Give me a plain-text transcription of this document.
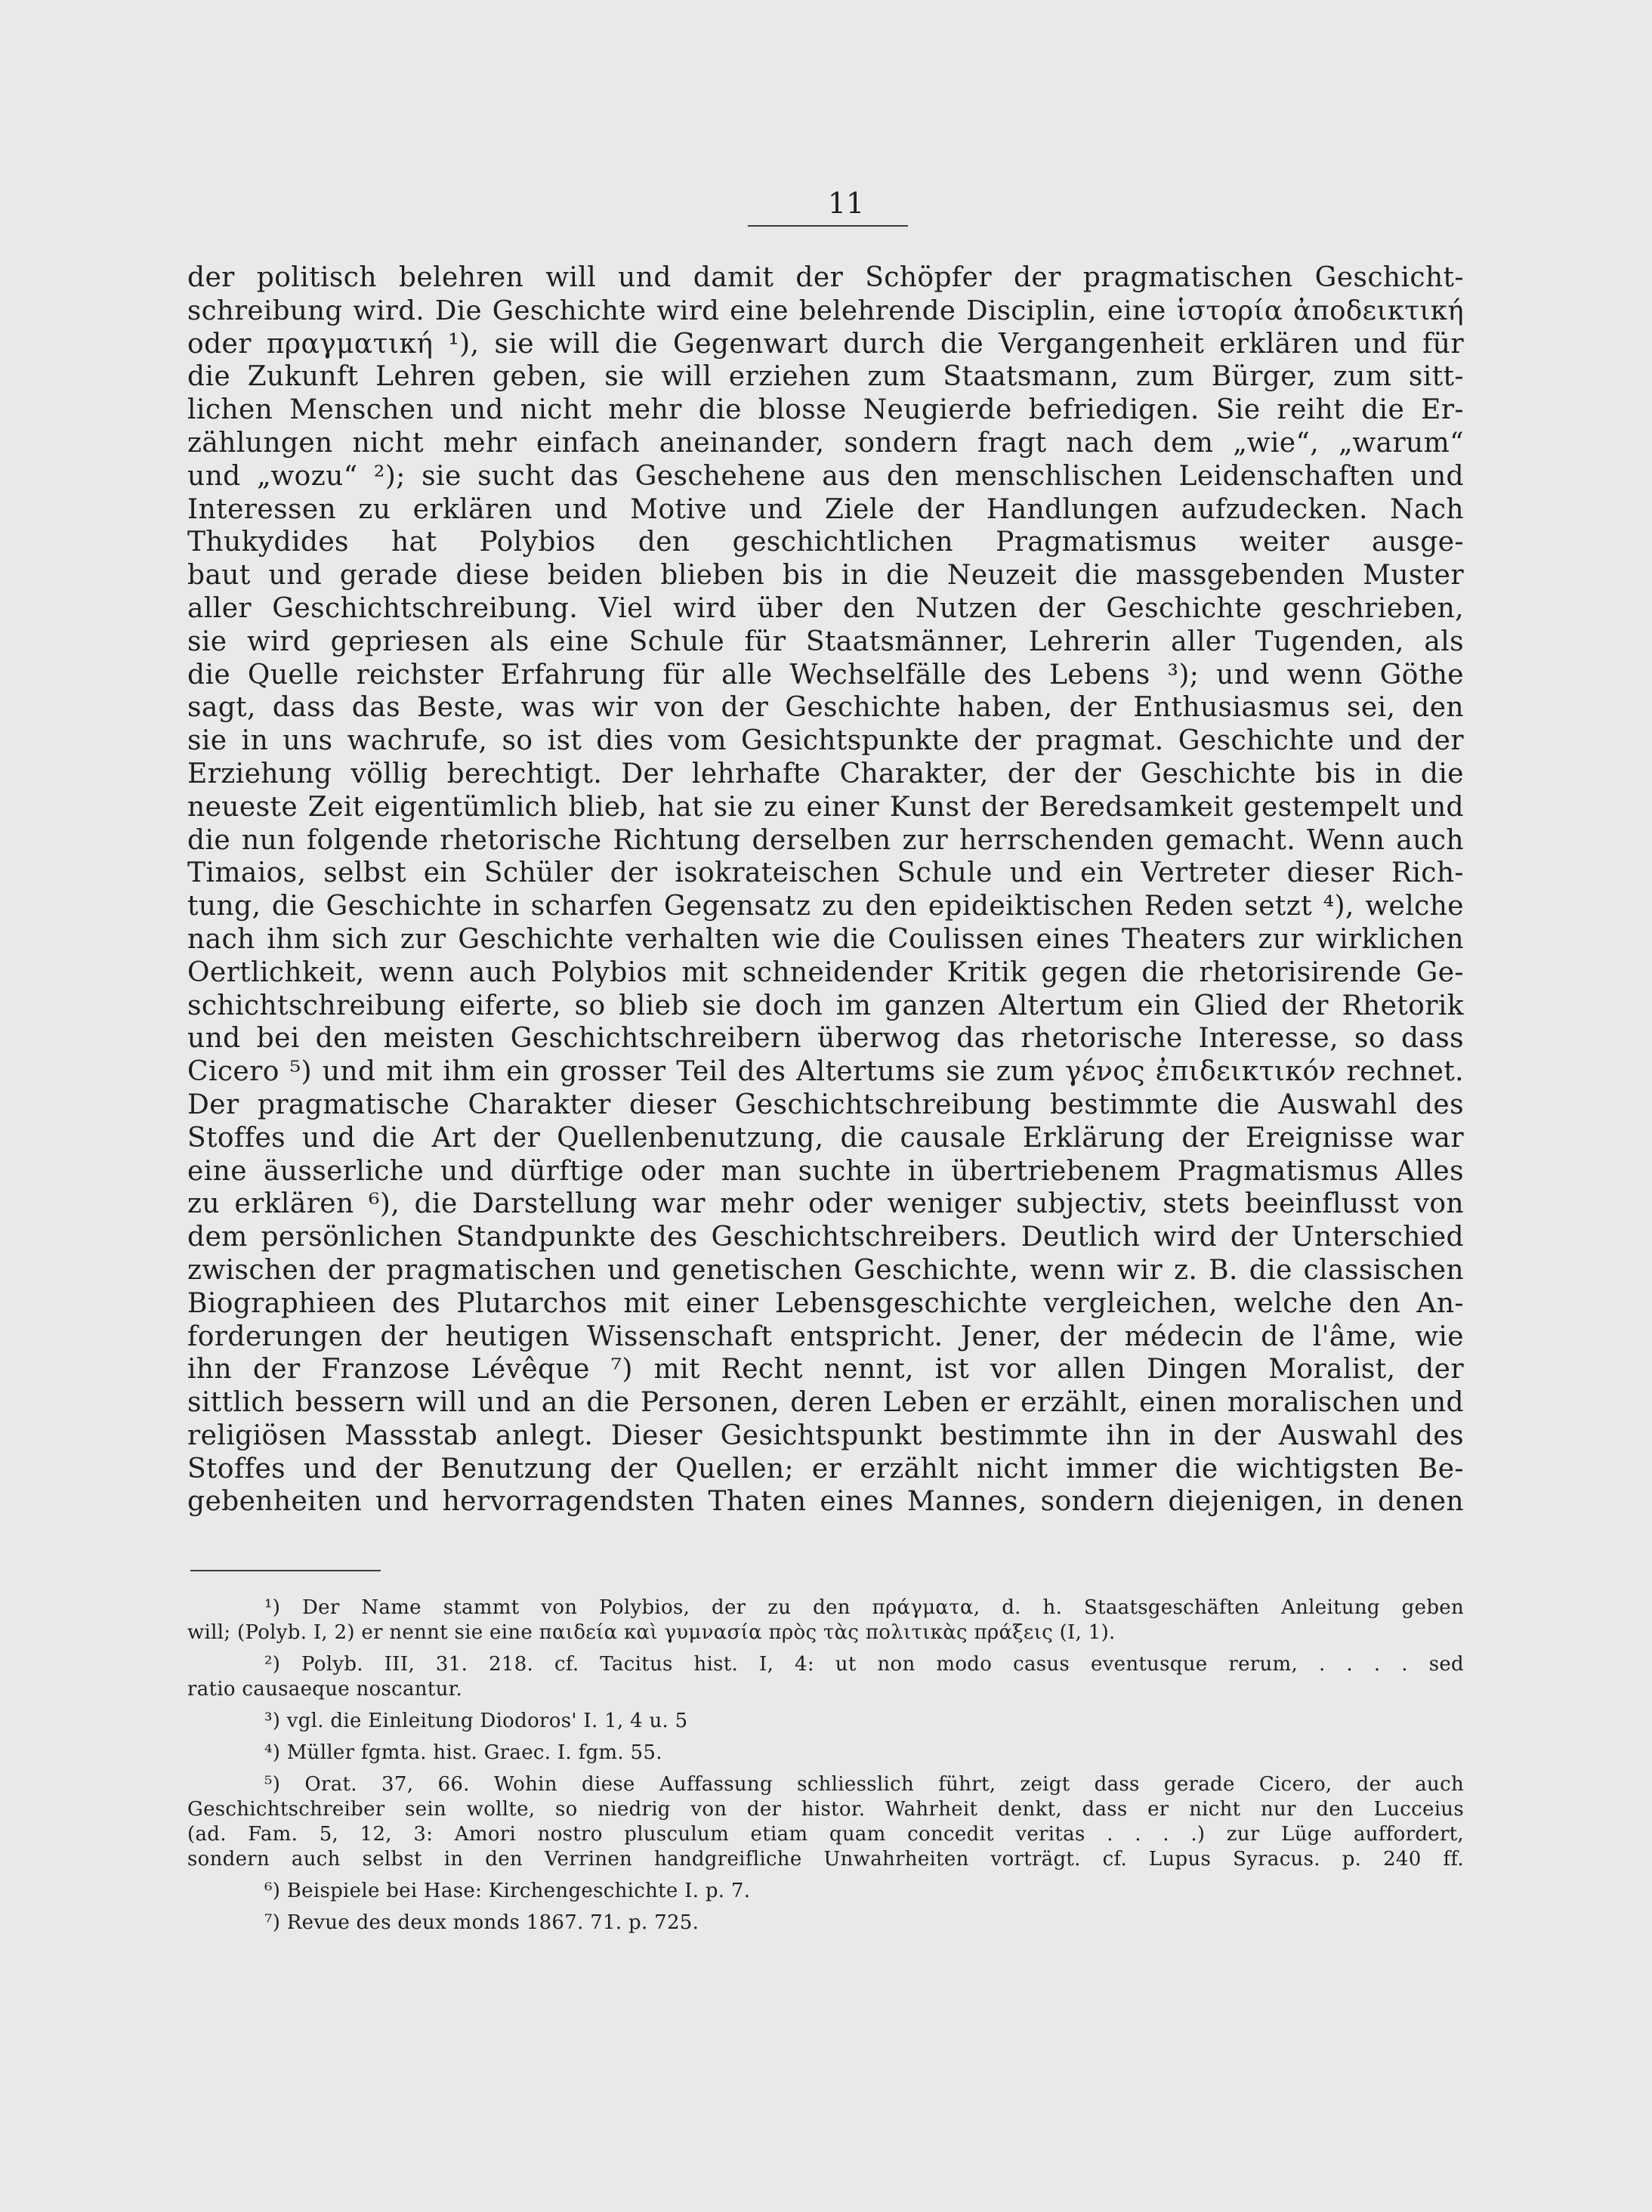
11
der politisch belehren will und damit der Schöpfer der pragmatischen Geschicht-
schreibung wird. Die Geschichte wird eine belehrende Disciplin, eine ἱστορία ἀποδεικτική
oder πραγματική ¹), sie will die Gegenwart durch die Vergangenheit erklären und für
die Zukunft Lehren geben, sie will erziehen zum Staatsmann, zum Bürger, zum sitt-
lichen Menschen und nicht mehr die blosse Neugierde befriedigen. Sie reiht die Er-
zählungen nicht mehr einfach aneinander, sondern fragt nach dem „wie“, „warum“
und „wozu“ ²); sie sucht das Geschehene aus den menschlischen Leidenschaften und
Interessen zu erklären und Motive und Ziele der Handlungen aufzudecken. Nach
Thukydides hat Polybios den geschichtlichen Pragmatismus weiter ausge-
baut und gerade diese beiden blieben bis in die Neuzeit die massgebenden Muster
aller Geschichtschreibung. Viel wird über den Nutzen der Geschichte geschrieben,
sie wird gepriesen als eine Schule für Staatsmänner, Lehrerin aller Tugenden, als
die Quelle reichster Erfahrung für alle Wechselfälle des Lebens ³); und wenn Göthe
sagt, dass das Beste, was wir von der Geschichte haben, der Enthusiasmus sei, den
sie in uns wachrufe, so ist dies vom Gesichtspunkte der pragmat. Geschichte und der
Erziehung völlig berechtigt. Der lehrhafte Charakter, der der Geschichte bis in die
neueste Zeit eigentümlich blieb, hat sie zu einer Kunst der Beredsamkeit gestempelt und
die nun folgende rhetorische Richtung derselben zur herrschenden gemacht. Wenn auch
Timaios, selbst ein Schüler der isokrateischen Schule und ein Vertreter dieser Rich-
tung, die Geschichte in scharfen Gegensatz zu den epideiktischen Reden setzt ⁴), welche
nach ihm sich zur Geschichte verhalten wie die Coulissen eines Theaters zur wirklichen
Oertlichkeit, wenn auch Polybios mit schneidender Kritik gegen die rhetorisirende Ge-
schichtschreibung eiferte, so blieb sie doch im ganzen Altertum ein Glied der Rhetorik
und bei den meisten Geschichtschreibern überwog das rhetorische Interesse, so dass
Cicero ⁵) und mit ihm ein grosser Teil des Altertums sie zum γένος ἐπιδεικτικόν rechnet.
Der pragmatische Charakter dieser Geschichtschreibung bestimmte die Auswahl des
Stoffes und die Art der Quellenbenutzung, die causale Erklärung der Ereignisse war
eine äusserliche und dürftige oder man suchte in übertriebenem Pragmatismus Alles
zu erklären ⁶), die Darstellung war mehr oder weniger subjectiv, stets beeinflusst von
dem persönlichen Standpunkte des Geschichtschreibers. Deutlich wird der Unterschied
zwischen der pragmatischen und genetischen Geschichte, wenn wir z. B. die classischen
Biographieen des Plutarchos mit einer Lebensgeschichte vergleichen, welche den An-
forderungen der heutigen Wissenschaft entspricht. Jener, der médecin de l'âme, wie
ihn der Franzose Lévêque ⁷) mit Recht nennt, ist vor allen Dingen Moralist, der
sittlich bessern will und an die Personen, deren Leben er erzählt, einen moralischen und
religiösen Massstab anlegt. Dieser Gesichtspunkt bestimmte ihn in der Auswahl des
Stoffes und der Benutzung der Quellen; er erzählt nicht immer die wichtigsten Be-
gebenheiten und hervorragendsten Thaten eines Mannes, sondern diejenigen, in denen
¹) Der Name stammt von Polybios, der zu den πράγματα, d. h. Staatsgeschäften Anleitung geben
will; (Polyb. I, 2) er nennt sie eine παιδεία καὶ γυμνασία πρὸς τὰς πολιτικὰς πράξεις (I, 1).
²) Polyb. III, 31. 218. cf. Tacitus hist. I, 4: ut non modo casus eventusque rerum, . . . . sed
ratio causaeque noscantur.
³) vgl. die Einleitung Diodoros' I. 1, 4 u. 5
⁴) Müller fgmta. hist. Graec. I. fgm. 55.
⁵) Orat. 37, 66. Wohin diese Auffassung schliesslich führt, zeigt dass gerade Cicero, der auch
Geschichtschreiber sein wollte, so niedrig von der histor. Wahrheit denkt, dass er nicht nur den Lucceius
(ad. Fam. 5, 12, 3: Amori nostro plusculum etiam quam concedit veritas . . . .) zur Lüge auffordert,
sondern auch selbst in den Verrinen handgreifliche Unwahrheiten vorträgt. cf. Lupus Syracus. p. 240 ff.
⁶) Beispiele bei Hase: Kirchengeschichte I. p. 7.
⁷) Revue des deux monds 1867. 71. p. 725.
